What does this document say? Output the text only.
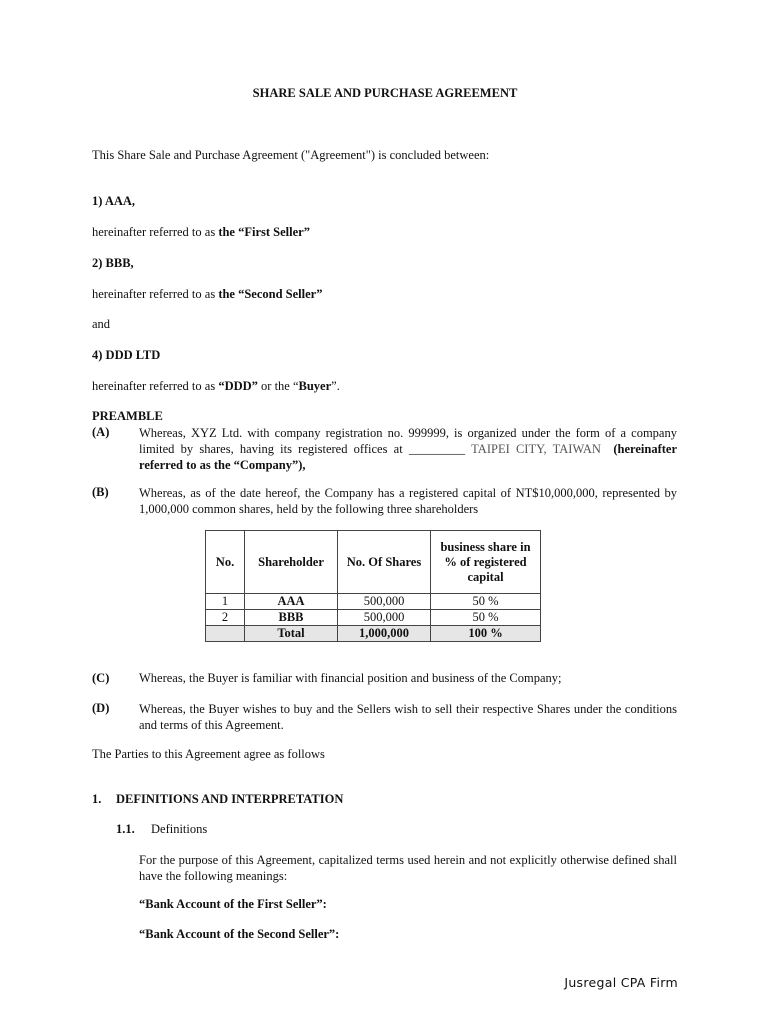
SHARE SALE AND PURCHASE AGREEMENT
This Share Sale and Purchase Agreement ("Agreement") is concluded between:
1) AAA,
hereinafter referred to as the “First Seller”
2) BBB,
hereinafter referred to as the “Second Seller”
and
4) DDD LTD
hereinafter referred to as “DDD” or the “Buyer”.
PREAMBLE
(A) Whereas, XYZ Ltd. with company registration no. 999999, is organized under the form of a company limited by shares, having its registered offices at _________ TAIPEI CITY, TAIWAN (hereinafter referred to as the “Company”),
(B) Whereas, as of the date hereof, the Company has a registered capital of NT$10,000,000, represented by 1,000,000 common shares, held by the following three shareholders
No.	Shareholder	No. Of Shares	business share in % of registered capital
1	AAA	500,000	50 %
2	BBB	500,000	50 %
	Total	1,000,000	100 %
(C) Whereas, the Buyer is familiar with financial position and business of the Company;
(D) Whereas, the Buyer wishes to buy and the Sellers wish to sell their respective Shares under the conditions and terms of this Agreement.
The Parties to this Agreement agree as follows
1. DEFINITIONS AND INTERPRETATION
1.1. Definitions
For the purpose of this Agreement, capitalized terms used herein and not explicitly otherwise defined shall have the following meanings:
“Bank Account of the First Seller”:
“Bank Account of the Second Seller”:
Jusregal CPA Firm
